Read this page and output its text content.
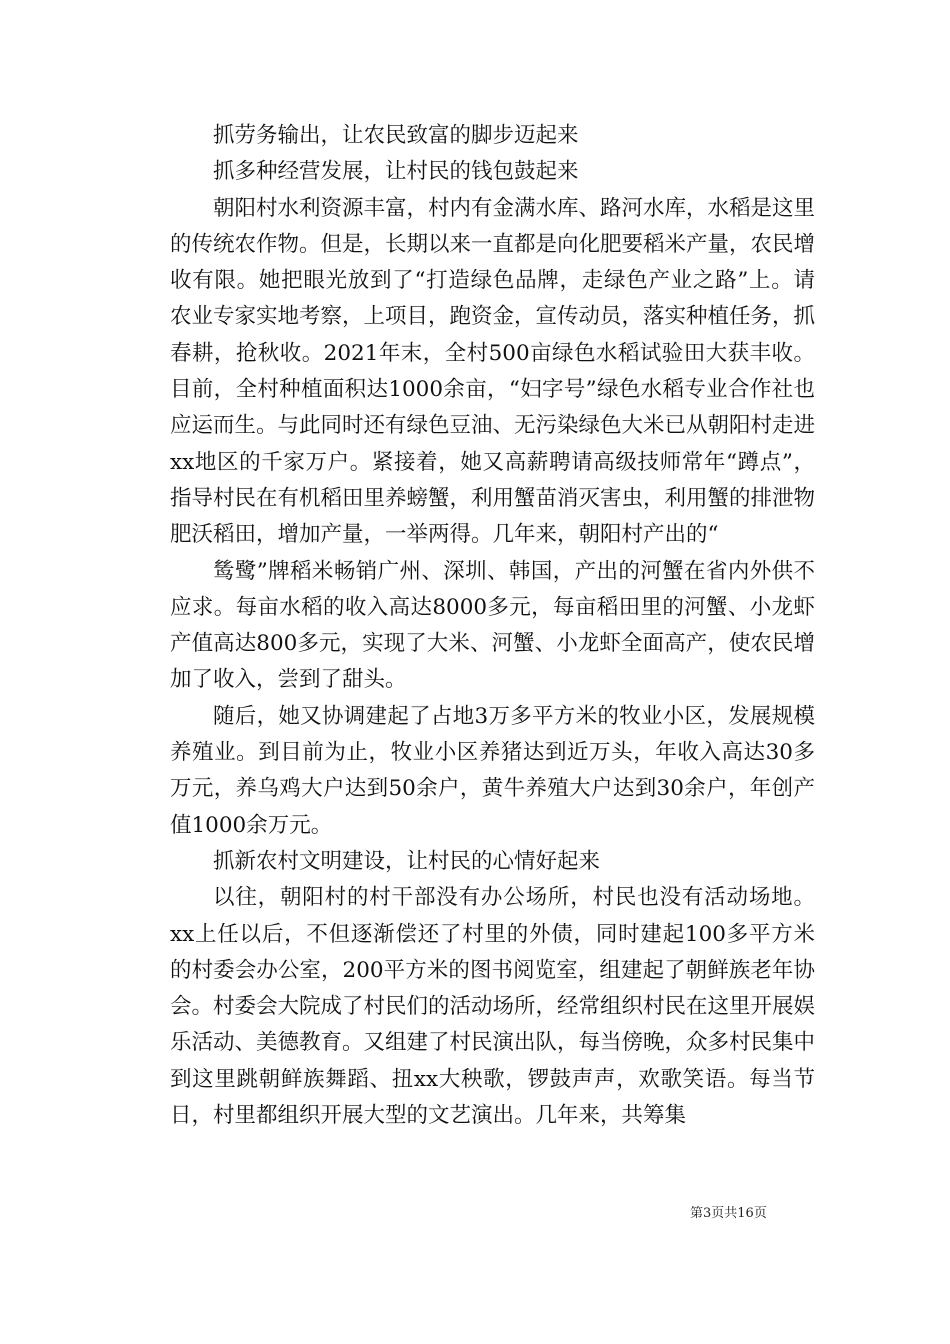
抓劳务输出，让农民致富的脚步迈起来

抓多种经营发展，让村民的钱包鼓起来

朝阳村水利资源丰富，村内有金满水库、路河水库，水稻是这里的传统农作物。但是，长期以来一直都是向化肥要稻米产量，农民增收有限。她把眼光放到了“打造绿色品牌，走绿色产业之路”上。请农业专家实地考察，上项目，跑资金，宣传动员，落实种植任务，抓春耕，抢秋收。2021年末，全村500亩绿色水稻试验田大获丰收。目前，全村种植面积达1000余亩，“妇字号”绿色水稻专业合作社也应运而生。与此同时还有绿色豆油、无污染绿色大米已从朝阳村走进xx地区的千家万户。紧接着，她又高薪聘请高级技师常年“蹲点”，指导村民在有机稻田里养螃蟹，利用蟹苗消灭害虫，利用蟹的排泄物肥沃稻田，增加产量，一举两得。几年来，朝阳村产出的“

鸶鹭”牌稻米畅销广州、深圳、韩国，产出的河蟹在省内外供不应求。每亩水稻的收入高达8000多元，每亩稻田里的河蟹、小龙虾产值高达800多元，实现了大米、河蟹、小龙虾全面高产，使农民增加了收入，尝到了甜头。

随后，她又协调建起了占地3万多平方米的牧业小区，发展规模养殖业。到目前为止，牧业小区养猪达到近万头，年收入高达30多万元，养乌鸡大户达到50余户，黄牛养殖大户达到30余户，年创产值1000余万元。

抓新农村文明建设，让村民的心情好起来

以往，朝阳村的村干部没有办公场所，村民也没有活动场地。xx上任以后，不但逐渐偿还了村里的外债，同时建起100多平方米的村委会办公室，200平方米的图书阅览室，组建起了朝鲜族老年协会。村委会大院成了村民们的活动场所，经常组织村民在这里开展娱乐活动、美德教育。又组建了村民演出队，每当傍晚，众多村民集中到这里跳朝鲜族舞蹈、扭xx大秧歌，锣鼓声声，欢歌笑语。每当节日，村里都组织开展大型的文艺演出。几年来，共筹集

第3页共16页
